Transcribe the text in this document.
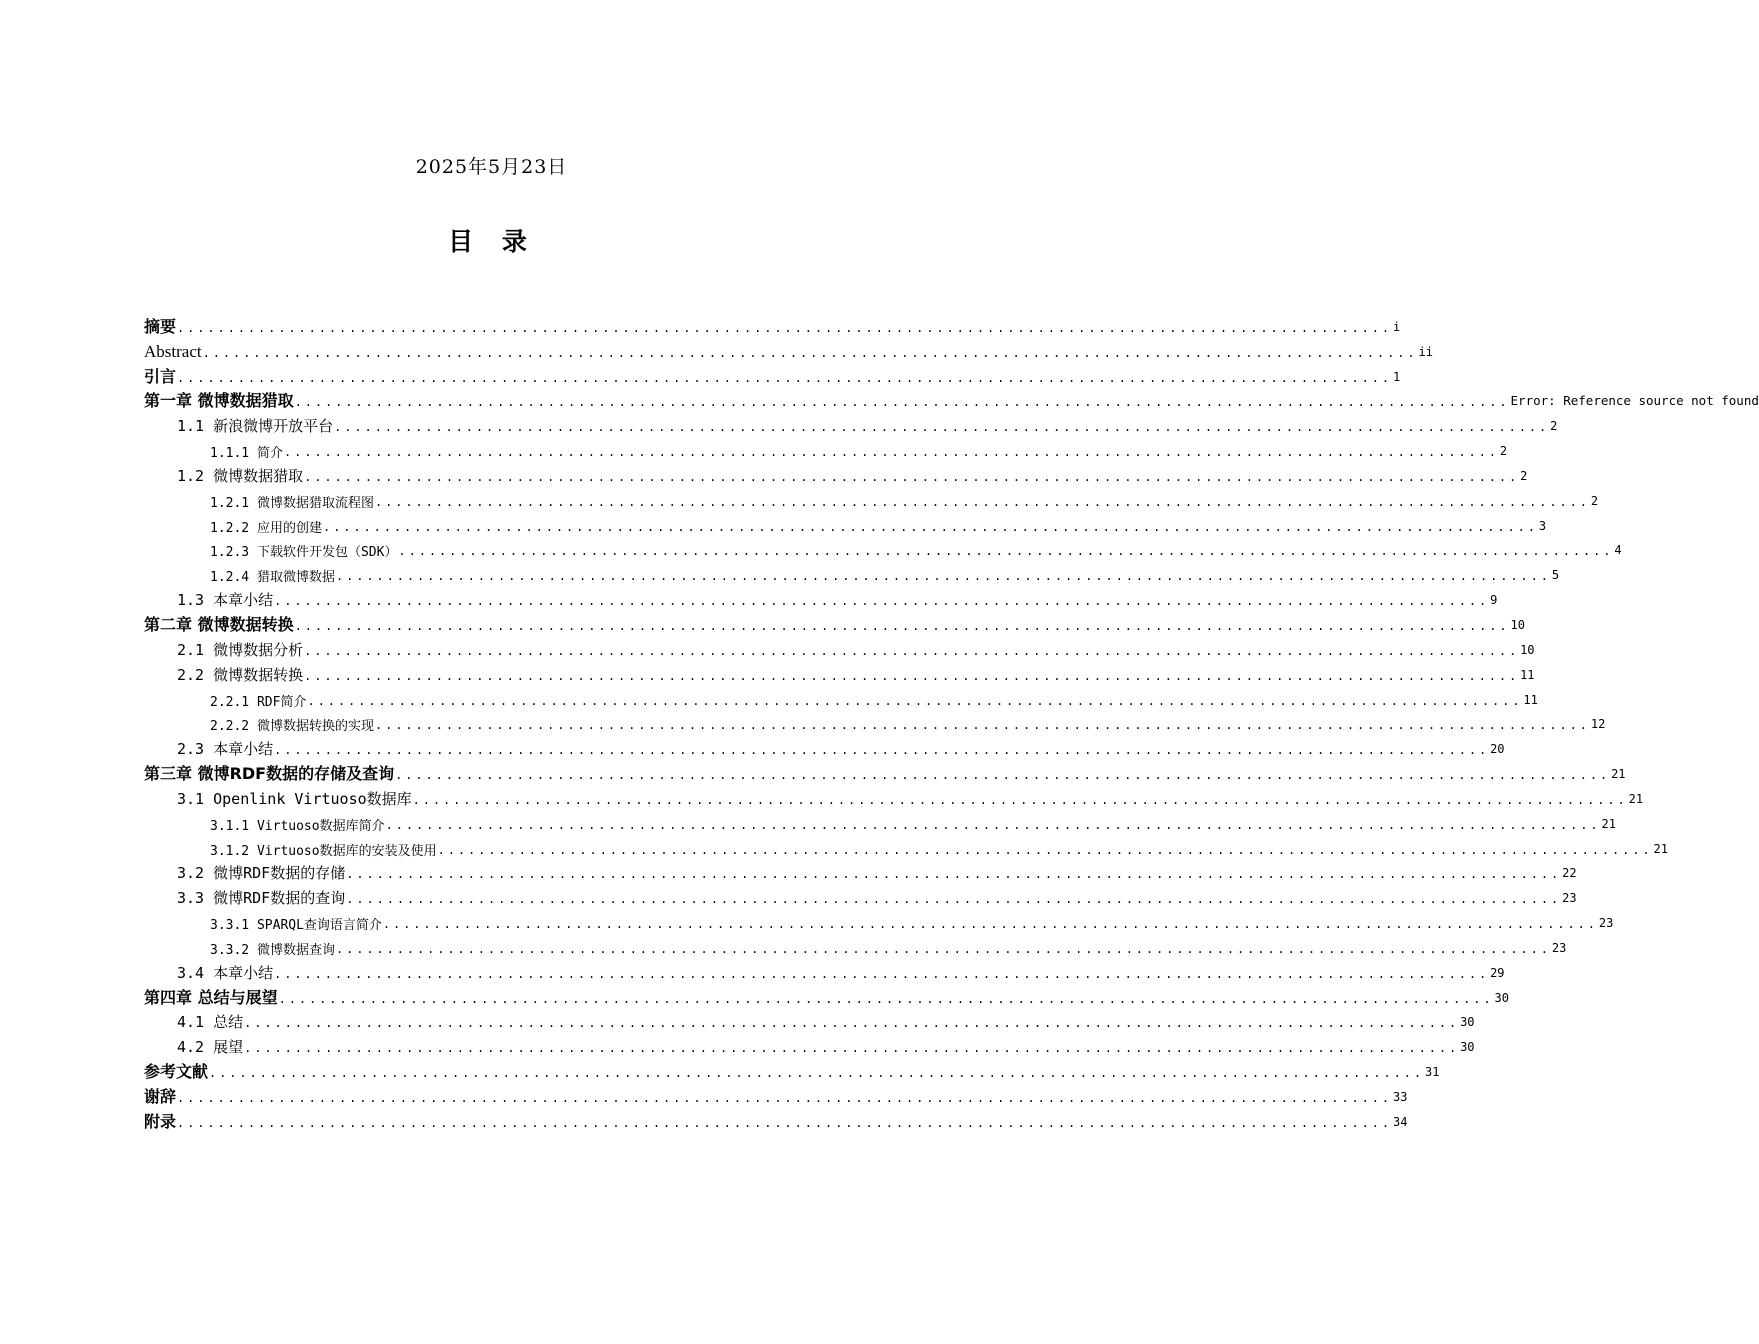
2025年5月23日
目 录
摘要 ........................................................................................................................ i
Abstract ........................................................................................................................ ii
引言 ........................................................................................................................ 1
第一章 微博数据猎取 ........................................................................................................................ Error: Reference source not found
1.1 新浪微博开放平台 ........................................................................................................................ 2
1.1.1 简介 ........................................................................................................................ 2
1.2 微博数据猎取 ........................................................................................................................ 2
1.2.1 微博数据猎取流程图 ........................................................................................................................ 2
1.2.2 应用的创建 ........................................................................................................................ 3
1.2.3 下载软件开发包（SDK） ........................................................................................................................ 4
1.2.4 猎取微博数据 ........................................................................................................................ 5
1.3 本章小结 ........................................................................................................................ 9
第二章 微博数据转换 ........................................................................................................................ 10
2.1 微博数据分析 ........................................................................................................................ 10
2.2 微博数据转换 ........................................................................................................................ 11
2.2.1 RDF简介 ........................................................................................................................ 11
2.2.2 微博数据转换的实现 ........................................................................................................................ 12
2.3 本章小结 ........................................................................................................................ 20
第三章 微博RDF数据的存储及查询 ........................................................................................................................ 21
3.1 Openlink Virtuoso数据库 ........................................................................................................................ 21
3.1.1 Virtuoso数据库简介 ........................................................................................................................ 21
3.1.2 Virtuoso数据库的安装及使用 ........................................................................................................................ 21
3.2 微博RDF数据的存储 ........................................................................................................................ 22
3.3 微博RDF数据的查询 ........................................................................................................................ 23
3.3.1 SPARQL查询语言简介 ........................................................................................................................ 23
3.3.2 微博数据查询 ........................................................................................................................ 23
3.4 本章小结 ........................................................................................................................ 29
第四章 总结与展望 ........................................................................................................................ 30
4.1 总结 ........................................................................................................................ 30
4.2 展望 ........................................................................................................................ 30
参考文献 ........................................................................................................................ 31
谢辞 ........................................................................................................................ 33
附录 ........................................................................................................................ 34
